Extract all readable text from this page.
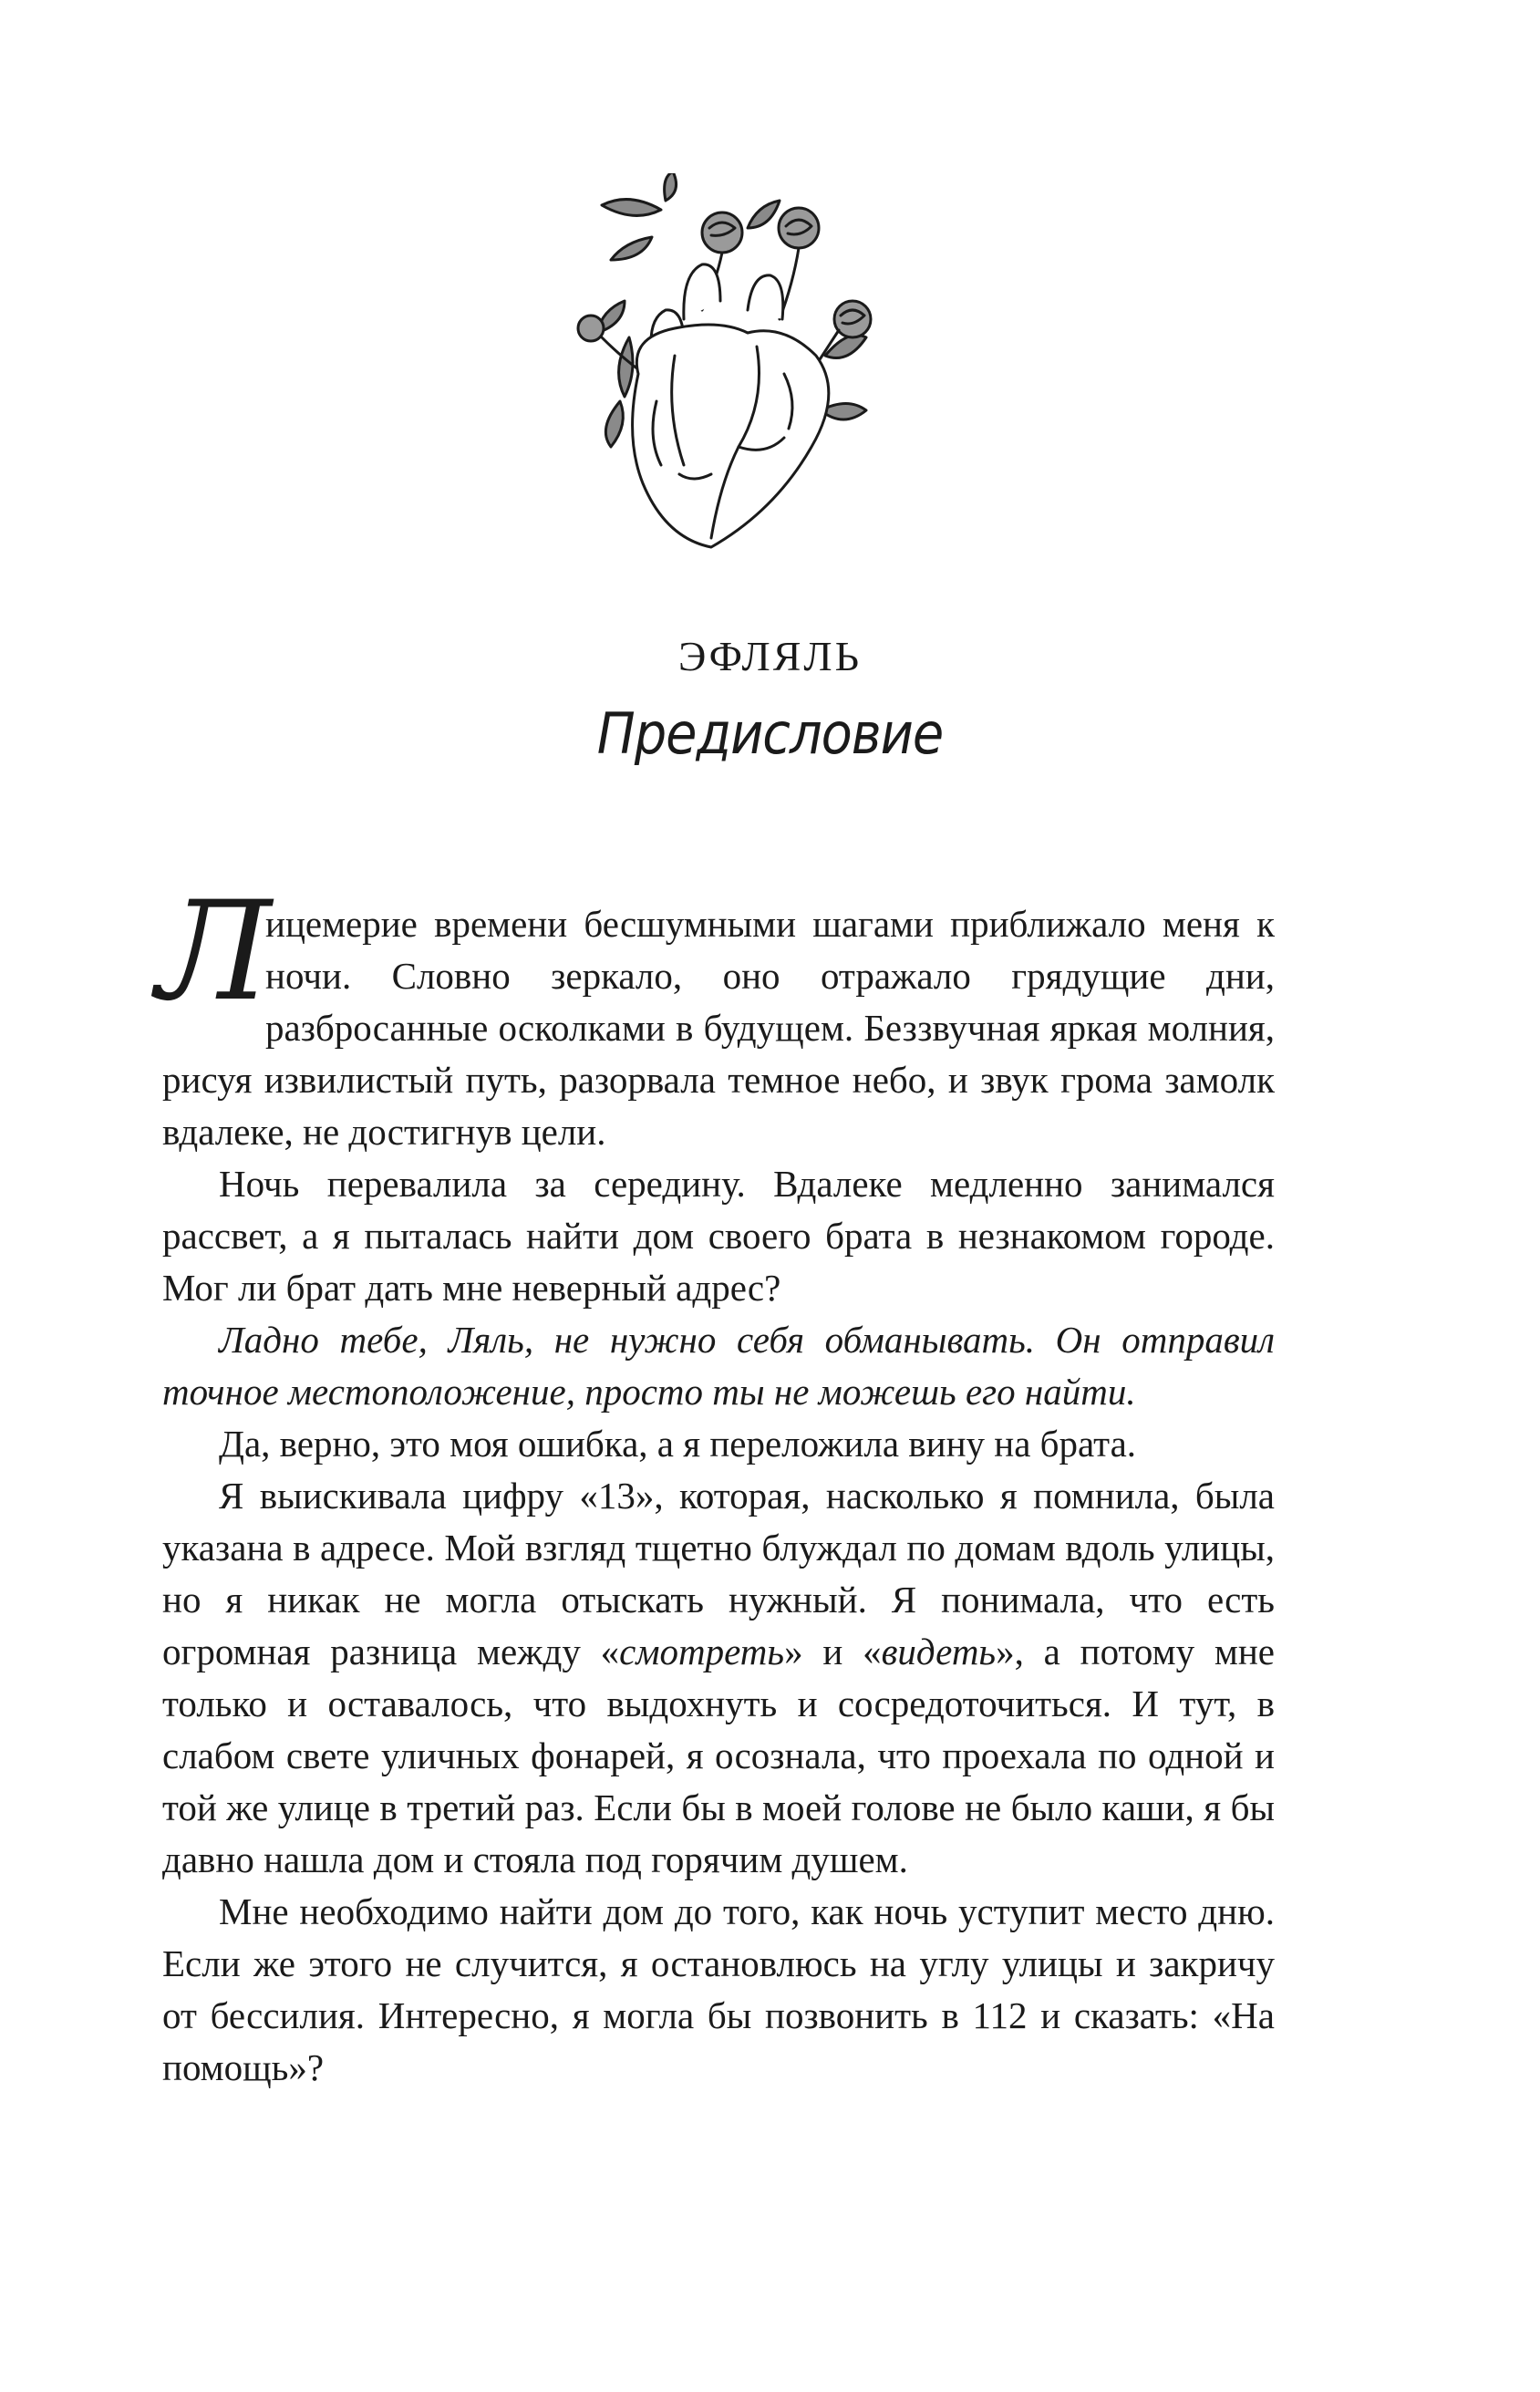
ЭФЛЯЛЬ
Предисловие

Л
ицемерие времени бесшумными шагами приближало меня к ночи. Словно зеркало, оно отражало грядущие дни, разбросанные осколками в будущем. Беззвучная яркая молния, рисуя извилистый путь, разорвала темное небо, и звук грома замолк вдалеке, не достигнув цели.

Ночь перевалила за середину. Вдалеке медленно занимался рассвет, а я пыталась найти дом своего брата в незнакомом городе. Мог ли брат дать мне неверный адрес?

Ладно тебе, Ляль, не нужно себя обманывать. Он отправил точное местоположение, просто ты не можешь его найти.

Да, верно, это моя ошибка, а я переложила вину на брата.

Я выискивала цифру «13», которая, насколько я помнила, была указана в адресе. Мой взгляд тщетно блуждал по домам вдоль улицы, но я никак не могла отыскать нужный. Я понимала, что есть огромная разница между «смотреть» и «видеть», а потому мне только и оставалось, что выдохнуть и сосредоточиться. И тут, в слабом свете уличных фонарей, я осознала, что проехала по одной и той же улице в третий раз. Если бы в моей голове не было каши, я бы давно нашла дом и стояла под горячим душем.

Мне необходимо найти дом до того, как ночь уступит место дню. Если же этого не случится, я остановлюсь на углу улицы и закричу от бессилия. Интересно, я могла бы позвонить в 112 и сказать: «На помощь»?
